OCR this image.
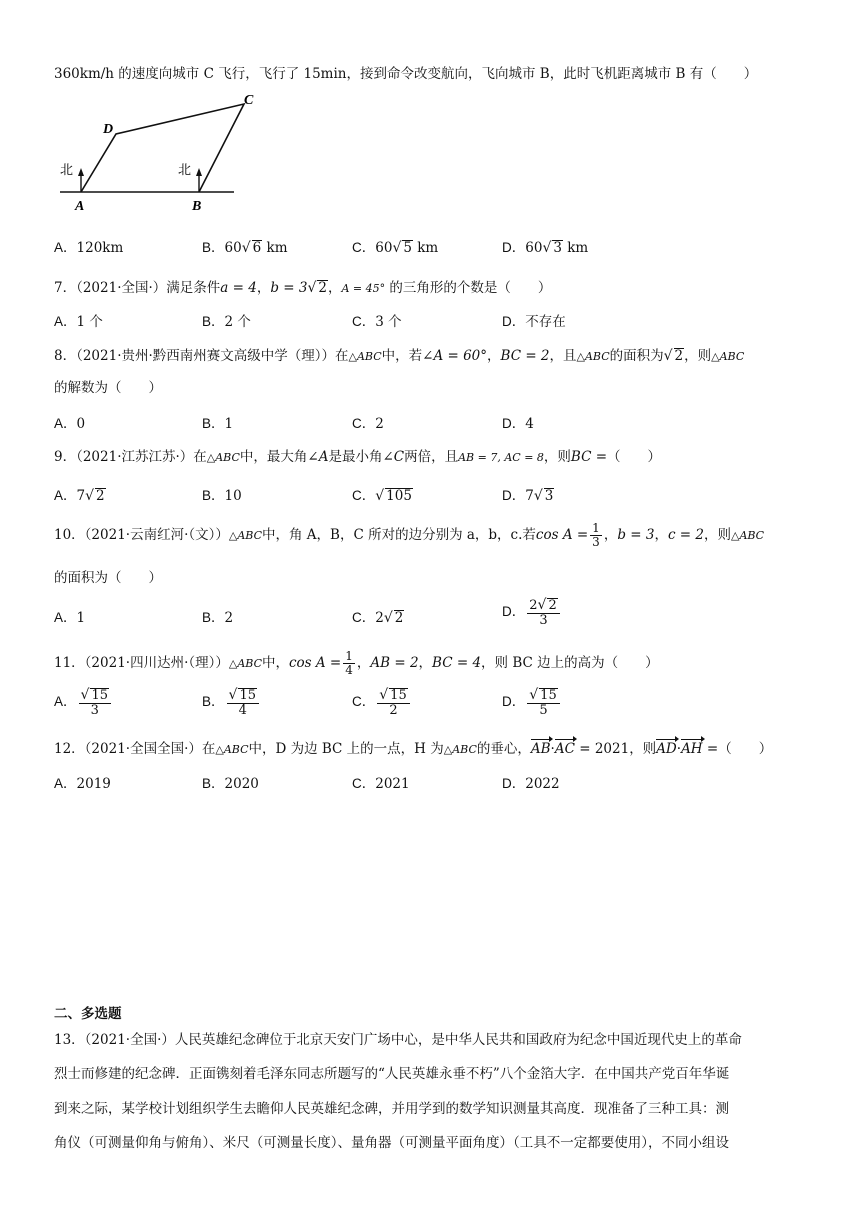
360km/h 的速度向城市 C 飞行，飞行了 15min，接到命令改变航向，飞向城市 B，此时飞机距离城市 B 有（　　）
北	北
A	B
C
D
A．120km	B．60√ 6 km	C．60√ 5 km	D．60√ 3 km
7．（2021·全国·）满足条件a = 4，b = 3√ 2，A = 45° 的三角形的个数是（　　）
A．1 个	B．2 个	C．3 个	D．不存在
8．（2021·贵州·黔西南州赛文高级中学（理））在△ABC中，若∠A = 60°，BC = 2，且△ABC的面积为√ 2，则△ABC
的解数为（　　）
A．0	B．1	C．2	D．4
9．（2021·江苏江苏·）在△ABC中，最大角∠A是最小角∠C两倍，且AB = 7, AC = 8，则BC =（　　）
A．7√ 2	B．10	C．√ 105	D．7√ 3
10．（2021·云南红河·（文））△ABC中，角 A，B，C 所对的边分别为 a，b，c.若$\cos A = \frac{1}{3}$ ，b = 3，c = 2，则△ABC
的面积为（　　）
A．1	B．2	C．2√ 2	D． $\frac{2√ 2}{3}$
11．（2021·四川达州·（理））△ABC中，$\cos A = \frac{1}{4}$ ，AB = 2，BC = 4，则 BC 边上的高为（　　）
A． $\frac{√ 15}{3}$	B． $\frac{√ 15}{4}$	C． $\frac{√ 15}{2}$	D． $\frac{√ 15}{5}$
12．（2021·全国全国·）在△ABC中，D 为边 BC 上的一点，H 为△ABC的垂心，AB·AC = 2021，则AD·AH =（　　）
A．2019	B．2020	C．2021	D．2022
二、多选题
13．（2021·全国·）人民英雄纪念碑位于北京天安门广场中心，是中华人民共和国政府为纪念中国近现代史上的革命
烈士而修建的纪念碑．正面镌刻着毛泽东同志所题写的“人民英雄永垂不朽”八个金箔大字．在中国共产党百年华诞
到来之际，某学校计划组织学生去瞻仰人民英雄纪念碑，并用学到的数学知识测量其高度．现准备了三种工具：测
角仪（可测量仰角与俯角）、米尺（可测量长度）、量角器（可测量平面角度）（工具不一定都要使用），不同小组设
